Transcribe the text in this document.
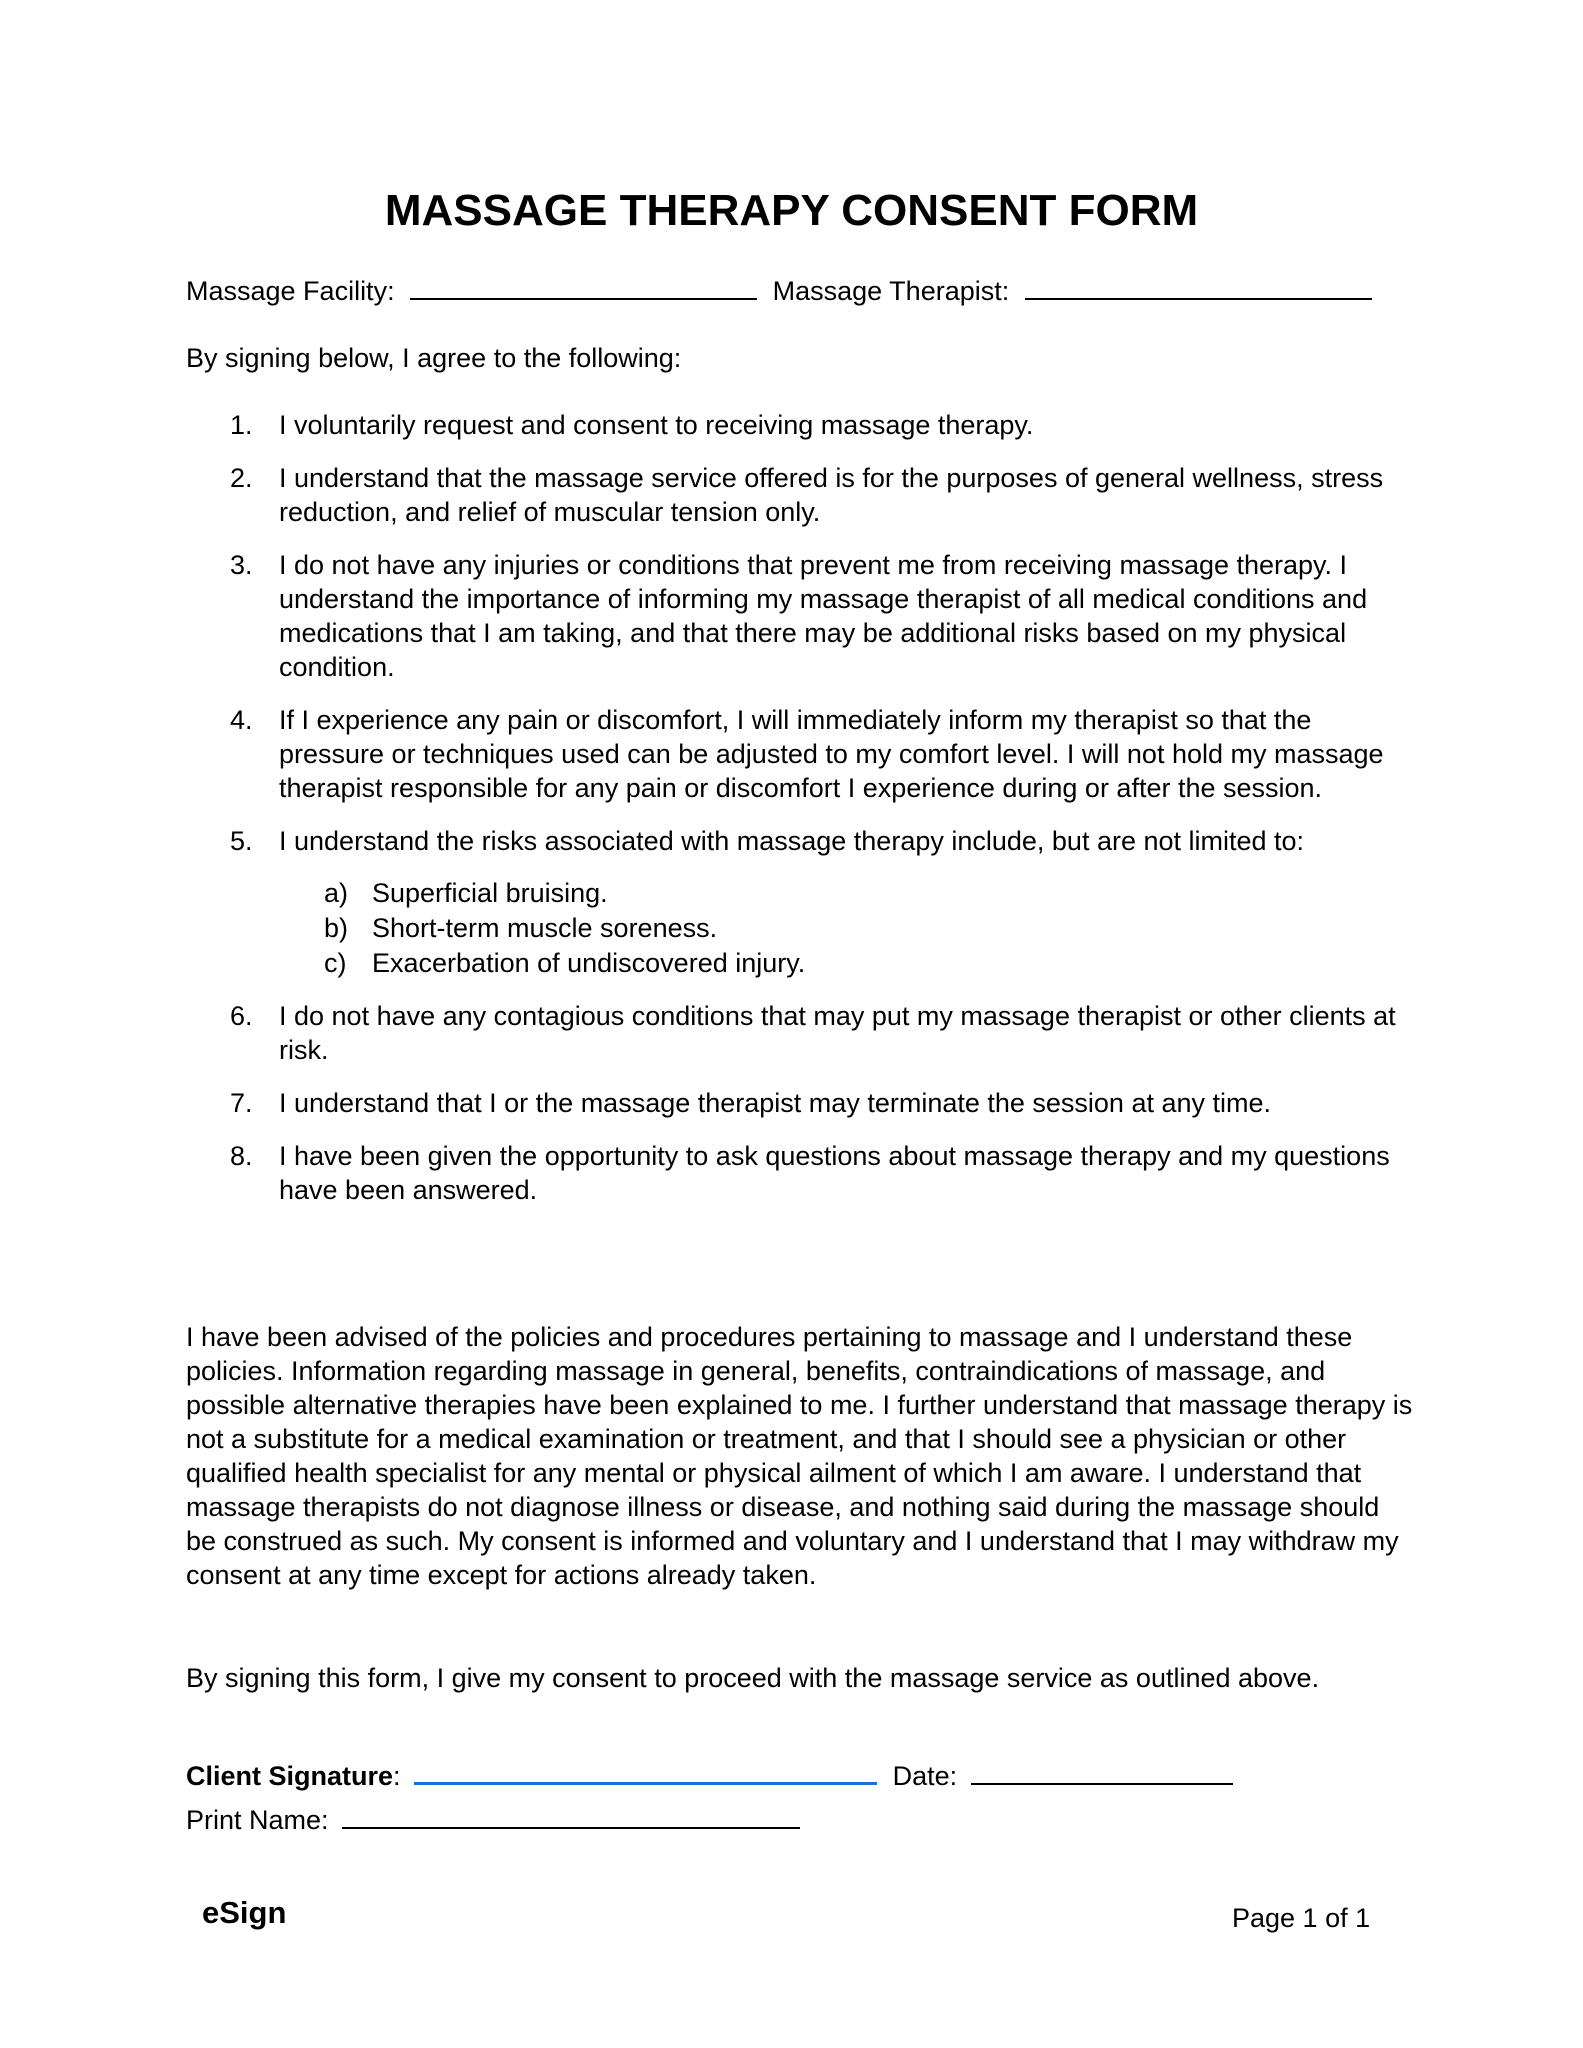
MASSAGE THERAPY CONSENT FORM
Massage Facility:	Massage Therapist:
By signing below, I agree to the following:
1. I voluntarily request and consent to receiving massage therapy.
2. I understand that the massage service offered is for the purposes of general wellness, stress reduction, and relief of muscular tension only.
3. I do not have any injuries or conditions that prevent me from receiving massage therapy. I understand the importance of informing my massage therapist of all medical conditions and medications that I am taking, and that there may be additional risks based on my physical condition.
4. If I experience any pain or discomfort, I will immediately inform my therapist so that the pressure or techniques used can be adjusted to my comfort level. I will not hold my massage therapist responsible for any pain or discomfort I experience during or after the session.
5. I understand the risks associated with massage therapy include, but are not limited to:
a) Superficial bruising.
b) Short-term muscle soreness.
c) Exacerbation of undiscovered injury.
6. I do not have any contagious conditions that may put my massage therapist or other clients at risk.
7. I understand that I or the massage therapist may terminate the session at any time.
8. I have been given the opportunity to ask questions about massage therapy and my questions have been answered.

I have been advised of the policies and procedures pertaining to massage and I understand these policies. Information regarding massage in general, benefits, contraindications of massage, and possible alternative therapies have been explained to me. I further understand that massage therapy is not a substitute for a medical examination or treatment, and that I should see a physician or other qualified health specialist for any mental or physical ailment of which I am aware. I understand that massage therapists do not diagnose illness or disease, and nothing said during the massage should be construed as such. My consent is informed and voluntary and I understand that I may withdraw my consent at any time except for actions already taken.

By signing this form, I give my consent to proceed with the massage service as outlined above.

Client Signature:	Date:
Print Name:
eSign	Page 1 of 1
